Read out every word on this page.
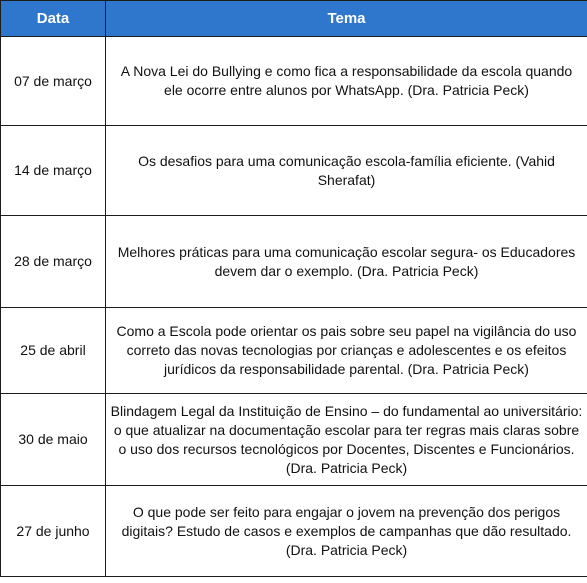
Data	Tema
07 de março	A Nova Lei do Bullying e como fica a responsabilidade da escola quando ele ocorre entre alunos por WhatsApp. (Dra. Patricia Peck)
14 de março	Os desafios para uma comunicação escola-família eficiente. (Vahid Sherafat)
28 de março	Melhores práticas para uma comunicação escolar segura- os Educadores devem dar o exemplo. (Dra. Patricia Peck)
25 de abril	Como a Escola pode orientar os pais sobre seu papel na vigilância do uso correto das novas tecnologias por crianças e adolescentes e os efeitos jurídicos da responsabilidade parental. (Dra. Patricia Peck)
30 de maio	Blindagem Legal da Instituição de Ensino – do fundamental ao universitário: o que atualizar na documentação escolar para ter regras mais claras sobre o uso dos recursos tecnológicos por Docentes, Discentes e Funcionários. (Dra. Patricia Peck)
27 de junho	O que pode ser feito para engajar o jovem na prevenção dos perigos digitais? Estudo de casos e exemplos de campanhas que dão resultado. (Dra. Patricia Peck)
